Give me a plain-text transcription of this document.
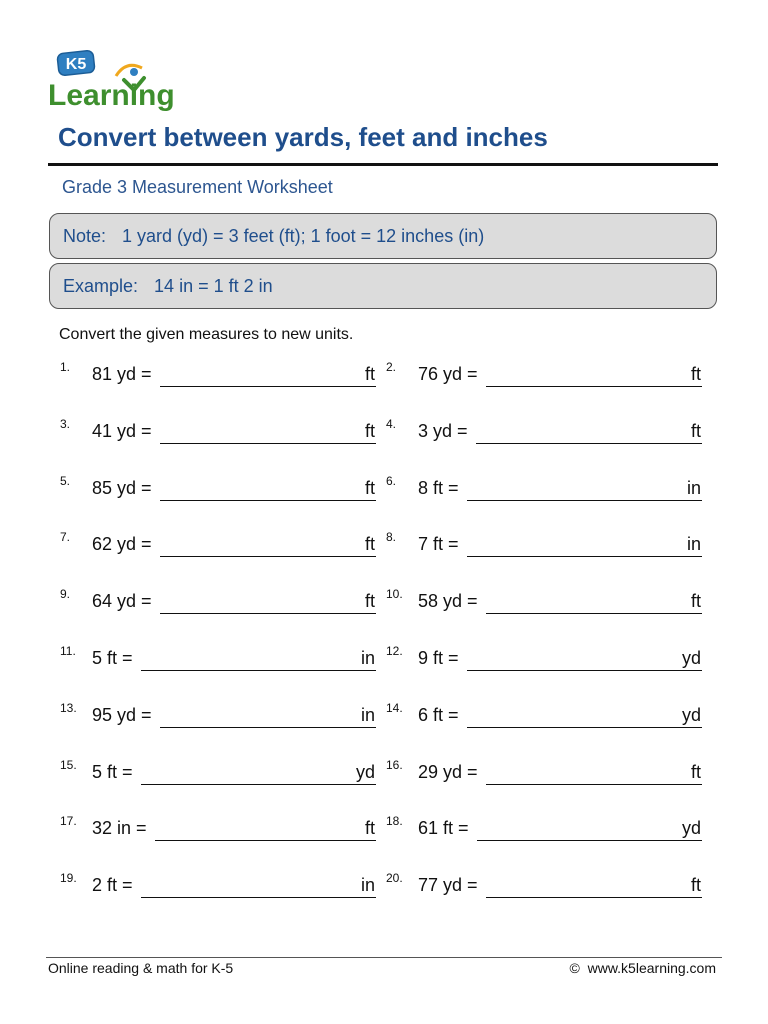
K5
Learning
Convert between yards, feet and inches
Grade 3 Measurement Worksheet
Note: 1 yard (yd) = 3 feet (ft); 1 foot = 12 inches (in)
Example: 14 in = 1 ft 2 in
Convert the given measures to new units.
1. 81 yd =	ft 2. 76 yd =	ft
3. 41 yd =	ft 4. 3 yd =	ft
5. 85 yd =	ft 6. 8 ft =	in
7. 62 yd =	ft 8. 7 ft =	in
9. 64 yd =	ft 10. 58 yd =	ft
11. 5 ft =	in 12. 9 ft =	yd
13. 95 yd =	in 14. 6 ft =	yd
15. 5 ft =	yd 16. 29 yd =	ft
17. 32 in =	ft 18. 61 ft =	yd
19. 2 ft =	in 20. 77 yd =	ft
Online reading & math for K-5	© www.k5learning.com
